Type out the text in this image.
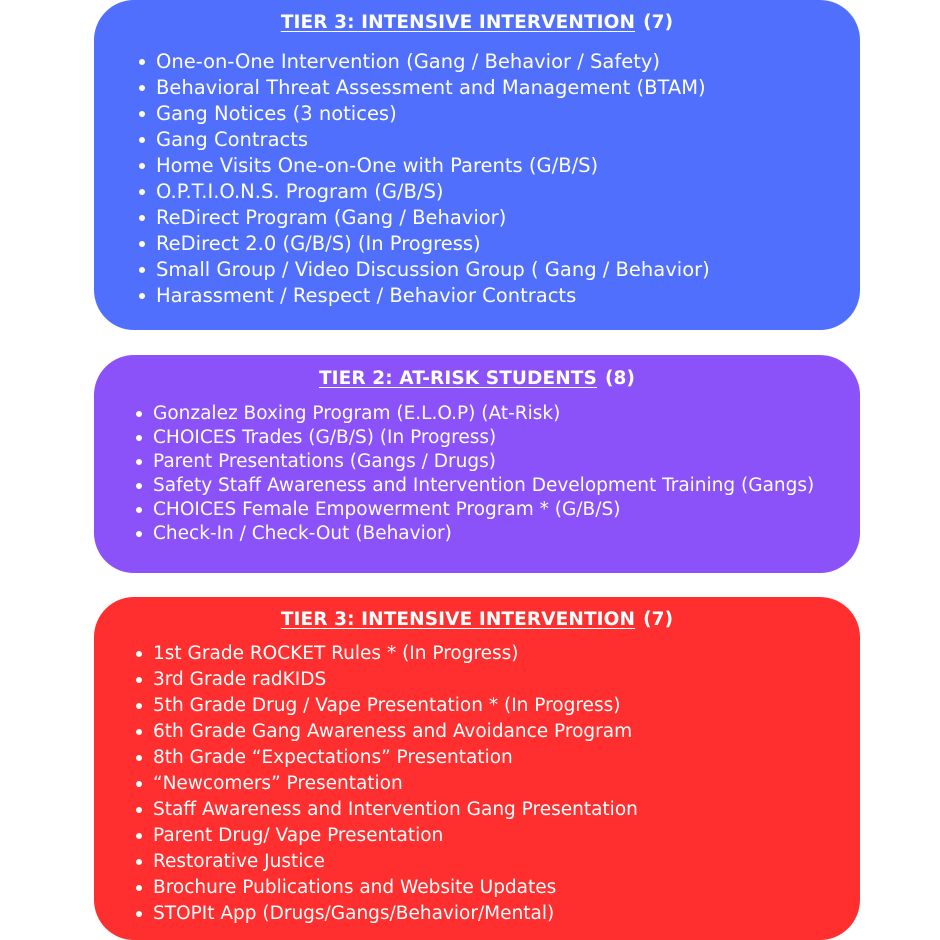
TIER 3: INTENSIVE INTERVENTION (7)
One-on-One Intervention (Gang / Behavior / Safety)
Behavioral Threat Assessment and Management (BTAM)
Gang Notices (3 notices)
Gang Contracts
Home Visits One-on-One with Parents (G/B/S)
O.P.T.I.O.N.S. Program (G/B/S)
ReDirect Program (Gang / Behavior)
ReDirect 2.0 (G/B/S) (In Progress)
Small Group / Video Discussion Group ( Gang / Behavior)
Harassment / Respect / Behavior Contracts
TIER 2: AT-RISK STUDENTS (8)
Gonzalez Boxing Program (E.L.O.P) (At-Risk)
CHOICES Trades (G/B/S) (In Progress)
Parent Presentations (Gangs / Drugs)
Safety Staff Awareness and Intervention Development Training (Gangs)
CHOICES Female Empowerment Program * (G/B/S)
Check-In / Check-Out (Behavior)
TIER 3: INTENSIVE INTERVENTION (7)
1st Grade ROCKET Rules * (In Progress)
3rd Grade radKIDS
5th Grade Drug / Vape Presentation * (In Progress)
6th Grade Gang Awareness and Avoidance Program
8th Grade “Expectations” Presentation
“Newcomers” Presentation
Staff Awareness and Intervention Gang Presentation
Parent Drug/ Vape Presentation
Restorative Justice
Brochure Publications and Website Updates
STOPIt App (Drugs/Gangs/Behavior/Mental)
